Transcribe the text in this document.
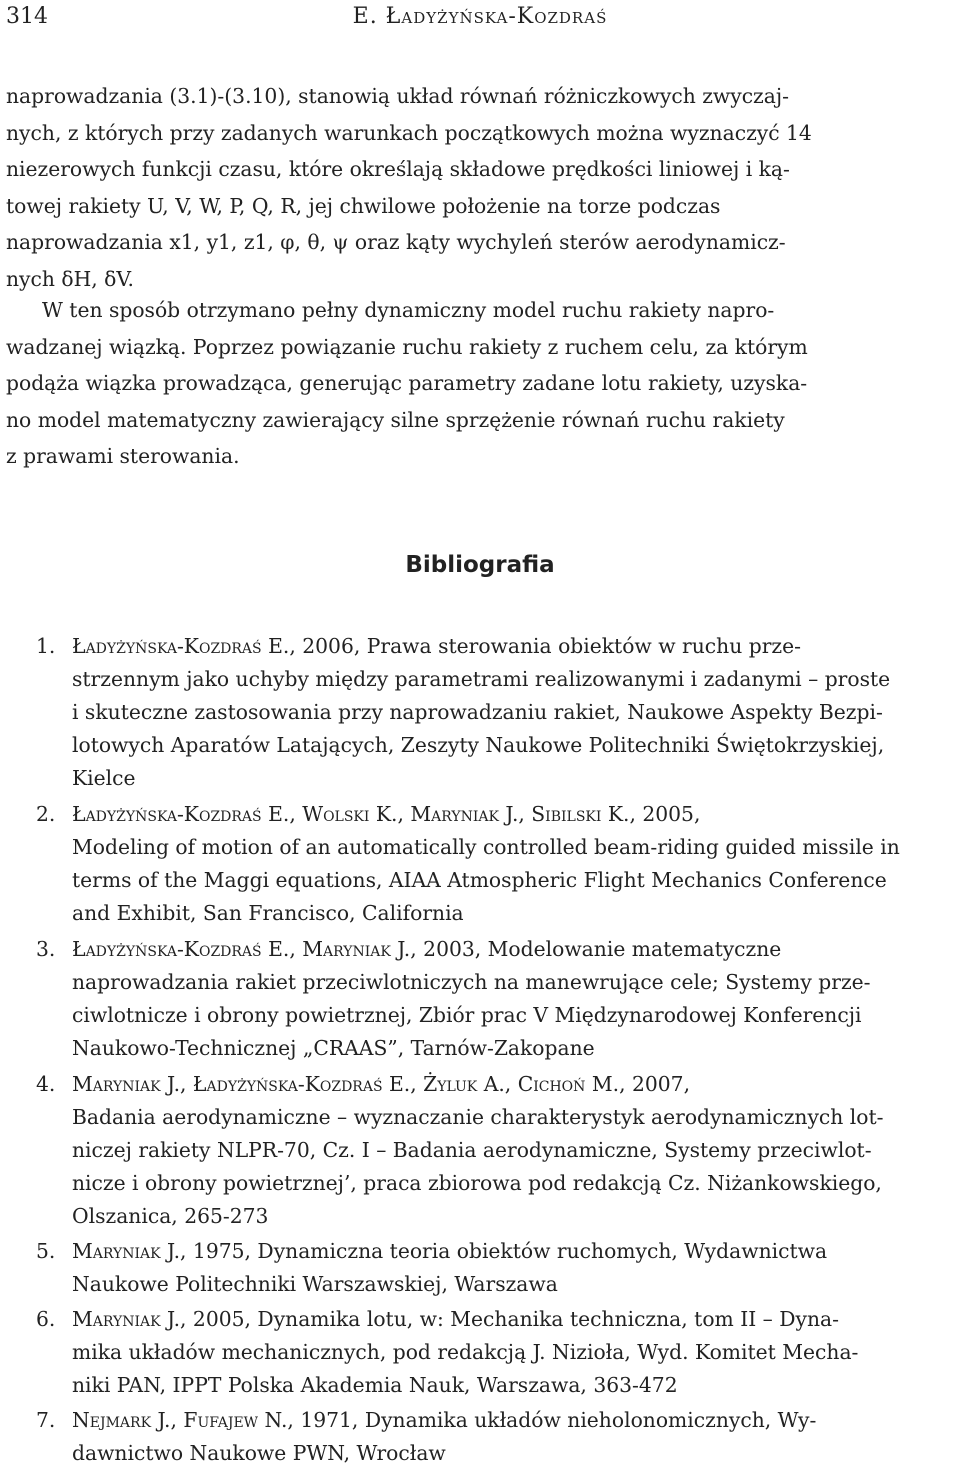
314	E. Ładyżyńska-Kozdraś
naprowadzania (3.1)-(3.10), stanowią układ równań różniczkowych zwyczaj-
nych, z których przy zadanych warunkach początkowych można wyznaczyć 14
niezerowych funkcji czasu, które określają składowe prędkości liniowej i ką-
towej rakiety U, V, W, P, Q, R, jej chwilowe położenie na torze podczas
naprowadzania x1, y1, z1, φ, θ, ψ oraz kąty wychyleń sterów aerodynamicz-
nych δH, δV.
W ten sposób otrzymano pełny dynamiczny model ruchu rakiety napro-
wadzanej wiązką. Poprzez powiązanie ruchu rakiety z ruchem celu, za którym
podąża wiązka prowadząca, generując parametry zadane lotu rakiety, uzyska-
no model matematyczny zawierający silne sprzężenie równań ruchu rakiety
z prawami sterowania.
Bibliografia
1. Ładyżyńska-Kozdraś E., 2006, Prawa sterowania obiektów w ruchu prze-
strzennym jako uchyby między parametrami realizowanymi i zadanymi – proste
i skuteczne zastosowania przy naprowadzaniu rakiet, Naukowe Aspekty Bezpi-
lotowych Aparatów Latających, Zeszyty Naukowe Politechniki Świętokrzyskiej,
Kielce
2. Ładyżyńska-Kozdraś E., Wolski K., Maryniak J., Sibilski K., 2005,
Modeling of motion of an automatically controlled beam-riding guided missile in
terms of the Maggi equations, AIAA Atmospheric Flight Mechanics Conference
and Exhibit, San Francisco, California
3. Ładyżyńska-Kozdraś E., Maryniak J., 2003, Modelowanie matematyczne
naprowadzania rakiet przeciwlotniczych na manewrujące cele; Systemy prze-
ciwlotnicze i obrony powietrznej, Zbiór prac V Międzynarodowej Konferencji
Naukowo-Technicznej „CRAAS”, Tarnów-Zakopane
4. Maryniak J., Ładyżyńska-Kozdraś E., Żyluk A., Cichoń M., 2007,
Badania aerodynamiczne – wyznaczanie charakterystyk aerodynamicznych lot-
niczej rakiety NLPR-70, Cz. I – Badania aerodynamiczne, Systemy przeciwlot-
nicze i obrony powietrznej’, praca zbiorowa pod redakcją Cz. Niżankowskiego,
Olszanica, 265-273
5. Maryniak J., 1975, Dynamiczna teoria obiektów ruchomych, Wydawnictwa
Naukowe Politechniki Warszawskiej, Warszawa
6. Maryniak J., 2005, Dynamika lotu, w: Mechanika techniczna, tom II – Dyna-
mika układów mechanicznych, pod redakcją J. Nizioła, Wyd. Komitet Mecha-
niki PAN, IPPT Polska Akademia Nauk, Warszawa, 363-472
7. Nejmark J., Fufajew N., 1971, Dynamika układów nieholonomicznych, Wy-
dawnictwo Naukowe PWN, Wrocław
